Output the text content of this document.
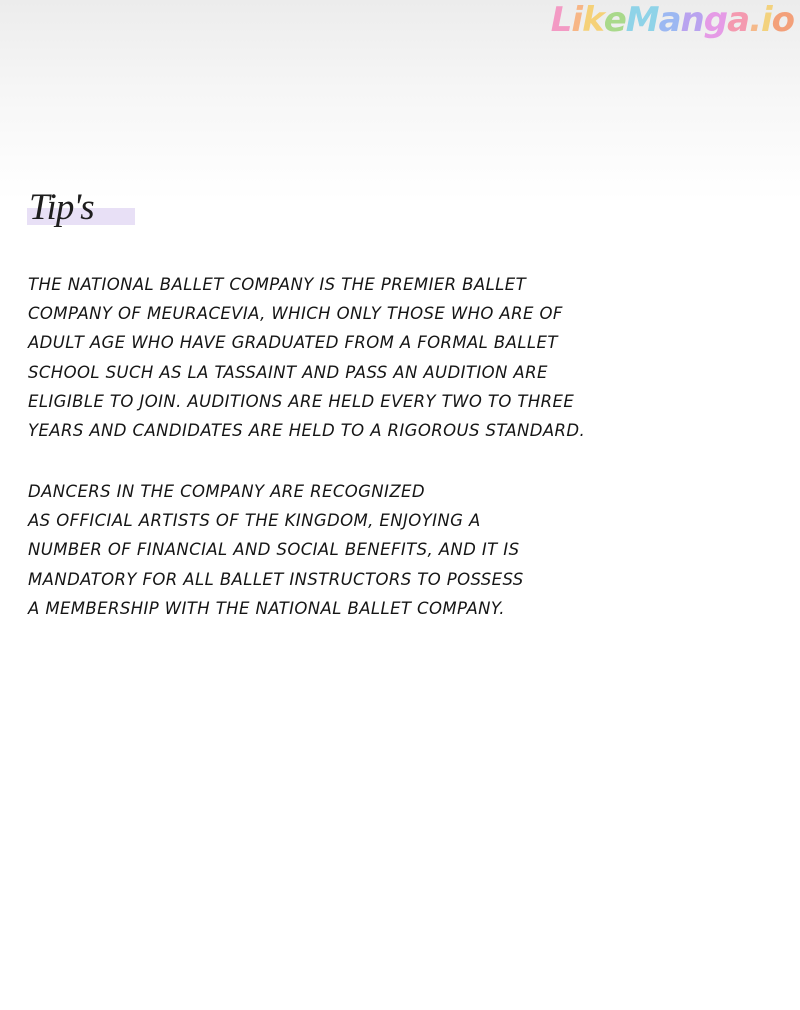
LikeManga.io
Tip's
THE NATIONAL BALLET COMPANY IS THE PREMIER BALLET
COMPANY OF MEURACEVIA, WHICH ONLY THOSE WHO ARE OF
ADULT AGE WHO HAVE GRADUATED FROM A FORMAL BALLET
SCHOOL SUCH AS LA TASSAINT AND PASS AN AUDITION ARE
ELIGIBLE TO JOIN. AUDITIONS ARE HELD EVERY TWO TO THREE
YEARS AND CANDIDATES ARE HELD TO A RIGOROUS STANDARD.
DANCERS IN THE COMPANY ARE RECOGNIZED
AS OFFICIAL ARTISTS OF THE KINGDOM, ENJOYING A
NUMBER OF FINANCIAL AND SOCIAL BENEFITS, AND IT IS
MANDATORY FOR ALL BALLET INSTRUCTORS TO POSSESS
A MEMBERSHIP WITH THE NATIONAL BALLET COMPANY.
